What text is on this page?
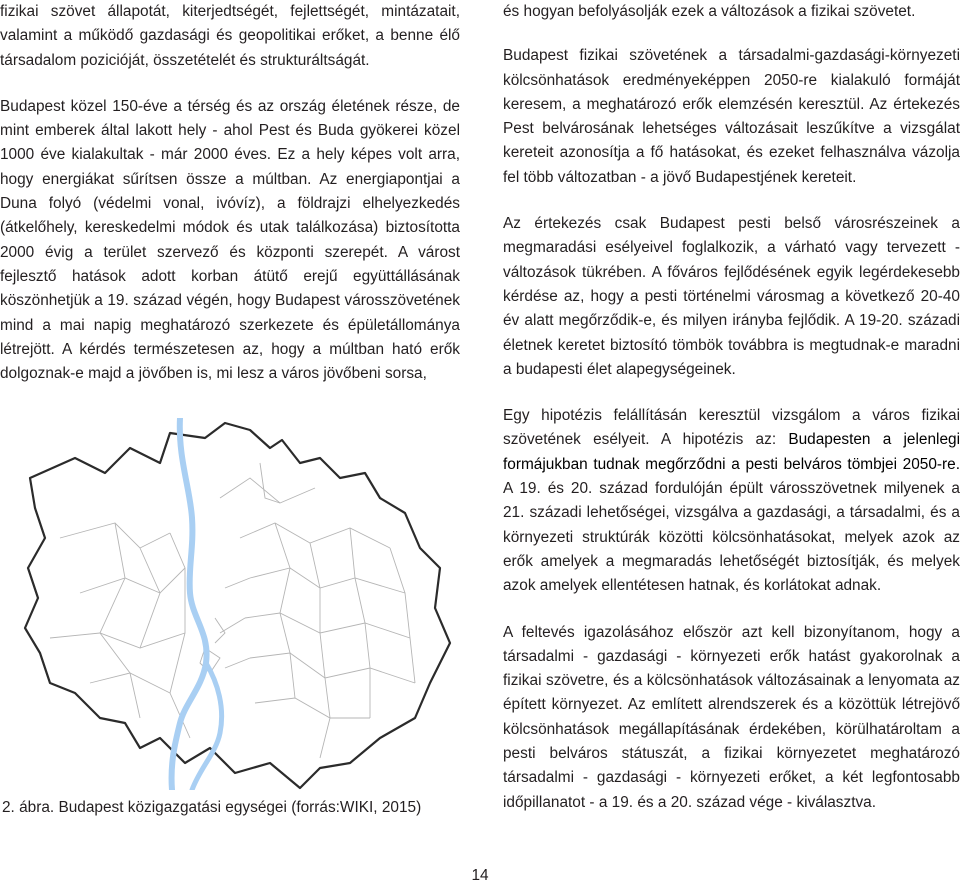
fizikai szövet állapotát, kiterjedtségét, fejlettségét, mintázatait, valamint a működő gazdasági és geopolitikai erőket, a benne élő társadalom pozicióját, összetételét és strukturáltságát.

Budapest közel 150-éve a térség és az ország életének része, de mint emberek által lakott hely - ahol Pest és Buda gyökerei közel 1000 éve kialakultak - már 2000 éves. Ez a hely képes volt arra, hogy energiákat sűrítsen össze a múltban. Az energiapontjai a Duna folyó (védelmi vonal, ivóvíz), a földrajzi elhelyezkedés (átkelőhely, kereskedelmi módok és utak találkozása) biztosította 2000 évig a terület szervező és központi szerepét. A várost fejlesztő hatások adott korban átütő erejű együttállásának köszönhetjük a 19. század végén, hogy Budapest városszövetének mind a mai napig meghatározó szerkezete és épületállománya létrejött. A kérdés természetesen az, hogy a múltban ható erők dolgoznak-e majd a jövőben is, mi lesz a város jövőbeni sorsa,

2. ábra. Budapest közigazgatási egységei (forrás:WIKI, 2015)

és hogyan befolyásolják ezek a változások a fizikai szövetet.

Budapest fizikai szövetének a társadalmi-gazdasági-környezeti kölcsönhatások eredményeképpen 2050-re kialakuló formáját keresem, a meghatározó erők elemzésén keresztül. Az értekezés Pest belvárosának lehetséges változásait leszűkítve a vizsgálat kereteit azonosítja a fő hatásokat, és ezeket felhasználva vázolja fel több változatban - a jövő Budapestjének kereteit.

Az értekezés csak Budapest pesti belső városrészeinek a megmaradási esélyeivel foglalkozik, a várható vagy tervezett - változások tükrében. A főváros fejlődésének egyik legérdekesebb kérdése az, hogy a pesti történelmi városmag a következő 20-40 év alatt megőrződik-e, és milyen irányba fejlődik. A 19-20. századi életnek keretet biztosító tömbök továbbra is megtudnak-e maradni a budapesti élet alapegységeinek.

Egy hipotézis felállításán keresztül vizsgálom a város fizikai szövetének esélyeit. A hipotézis az: Budapesten a jelenlegi formájukban tudnak megőrződni a pesti belváros tömbjei 2050-re. A 19. és 20. század fordulóján épült városszövetnek milyenek a 21. századi lehetőségei, vizsgálva a gazdasági, a társadalmi, és a környezeti struktúrák közötti kölcsönhatásokat, melyek azok az erők amelyek a megmaradás lehetőségét biztosítják, és melyek azok amelyek ellentétesen hatnak, és korlátokat adnak.

A feltevés igazolásához először azt kell bizonyítanom, hogy a társadalmi - gazdasági - környezeti erők hatást gyakorolnak a fizikai szövetre, és a kölcsönhatások változásainak a lenyomata az épített környezet. Az említett alrendszerek és a közöttük létrejövő kölcsönhatások megállapításának érdekében, körülhatároltam a pesti belváros státuszát, a fizikai környezetet meghatározó társadalmi - gazdasági - környezeti erőket, a két legfontosabb időpillanatot - a 19. és a 20. század vége - kiválasztva.

14
